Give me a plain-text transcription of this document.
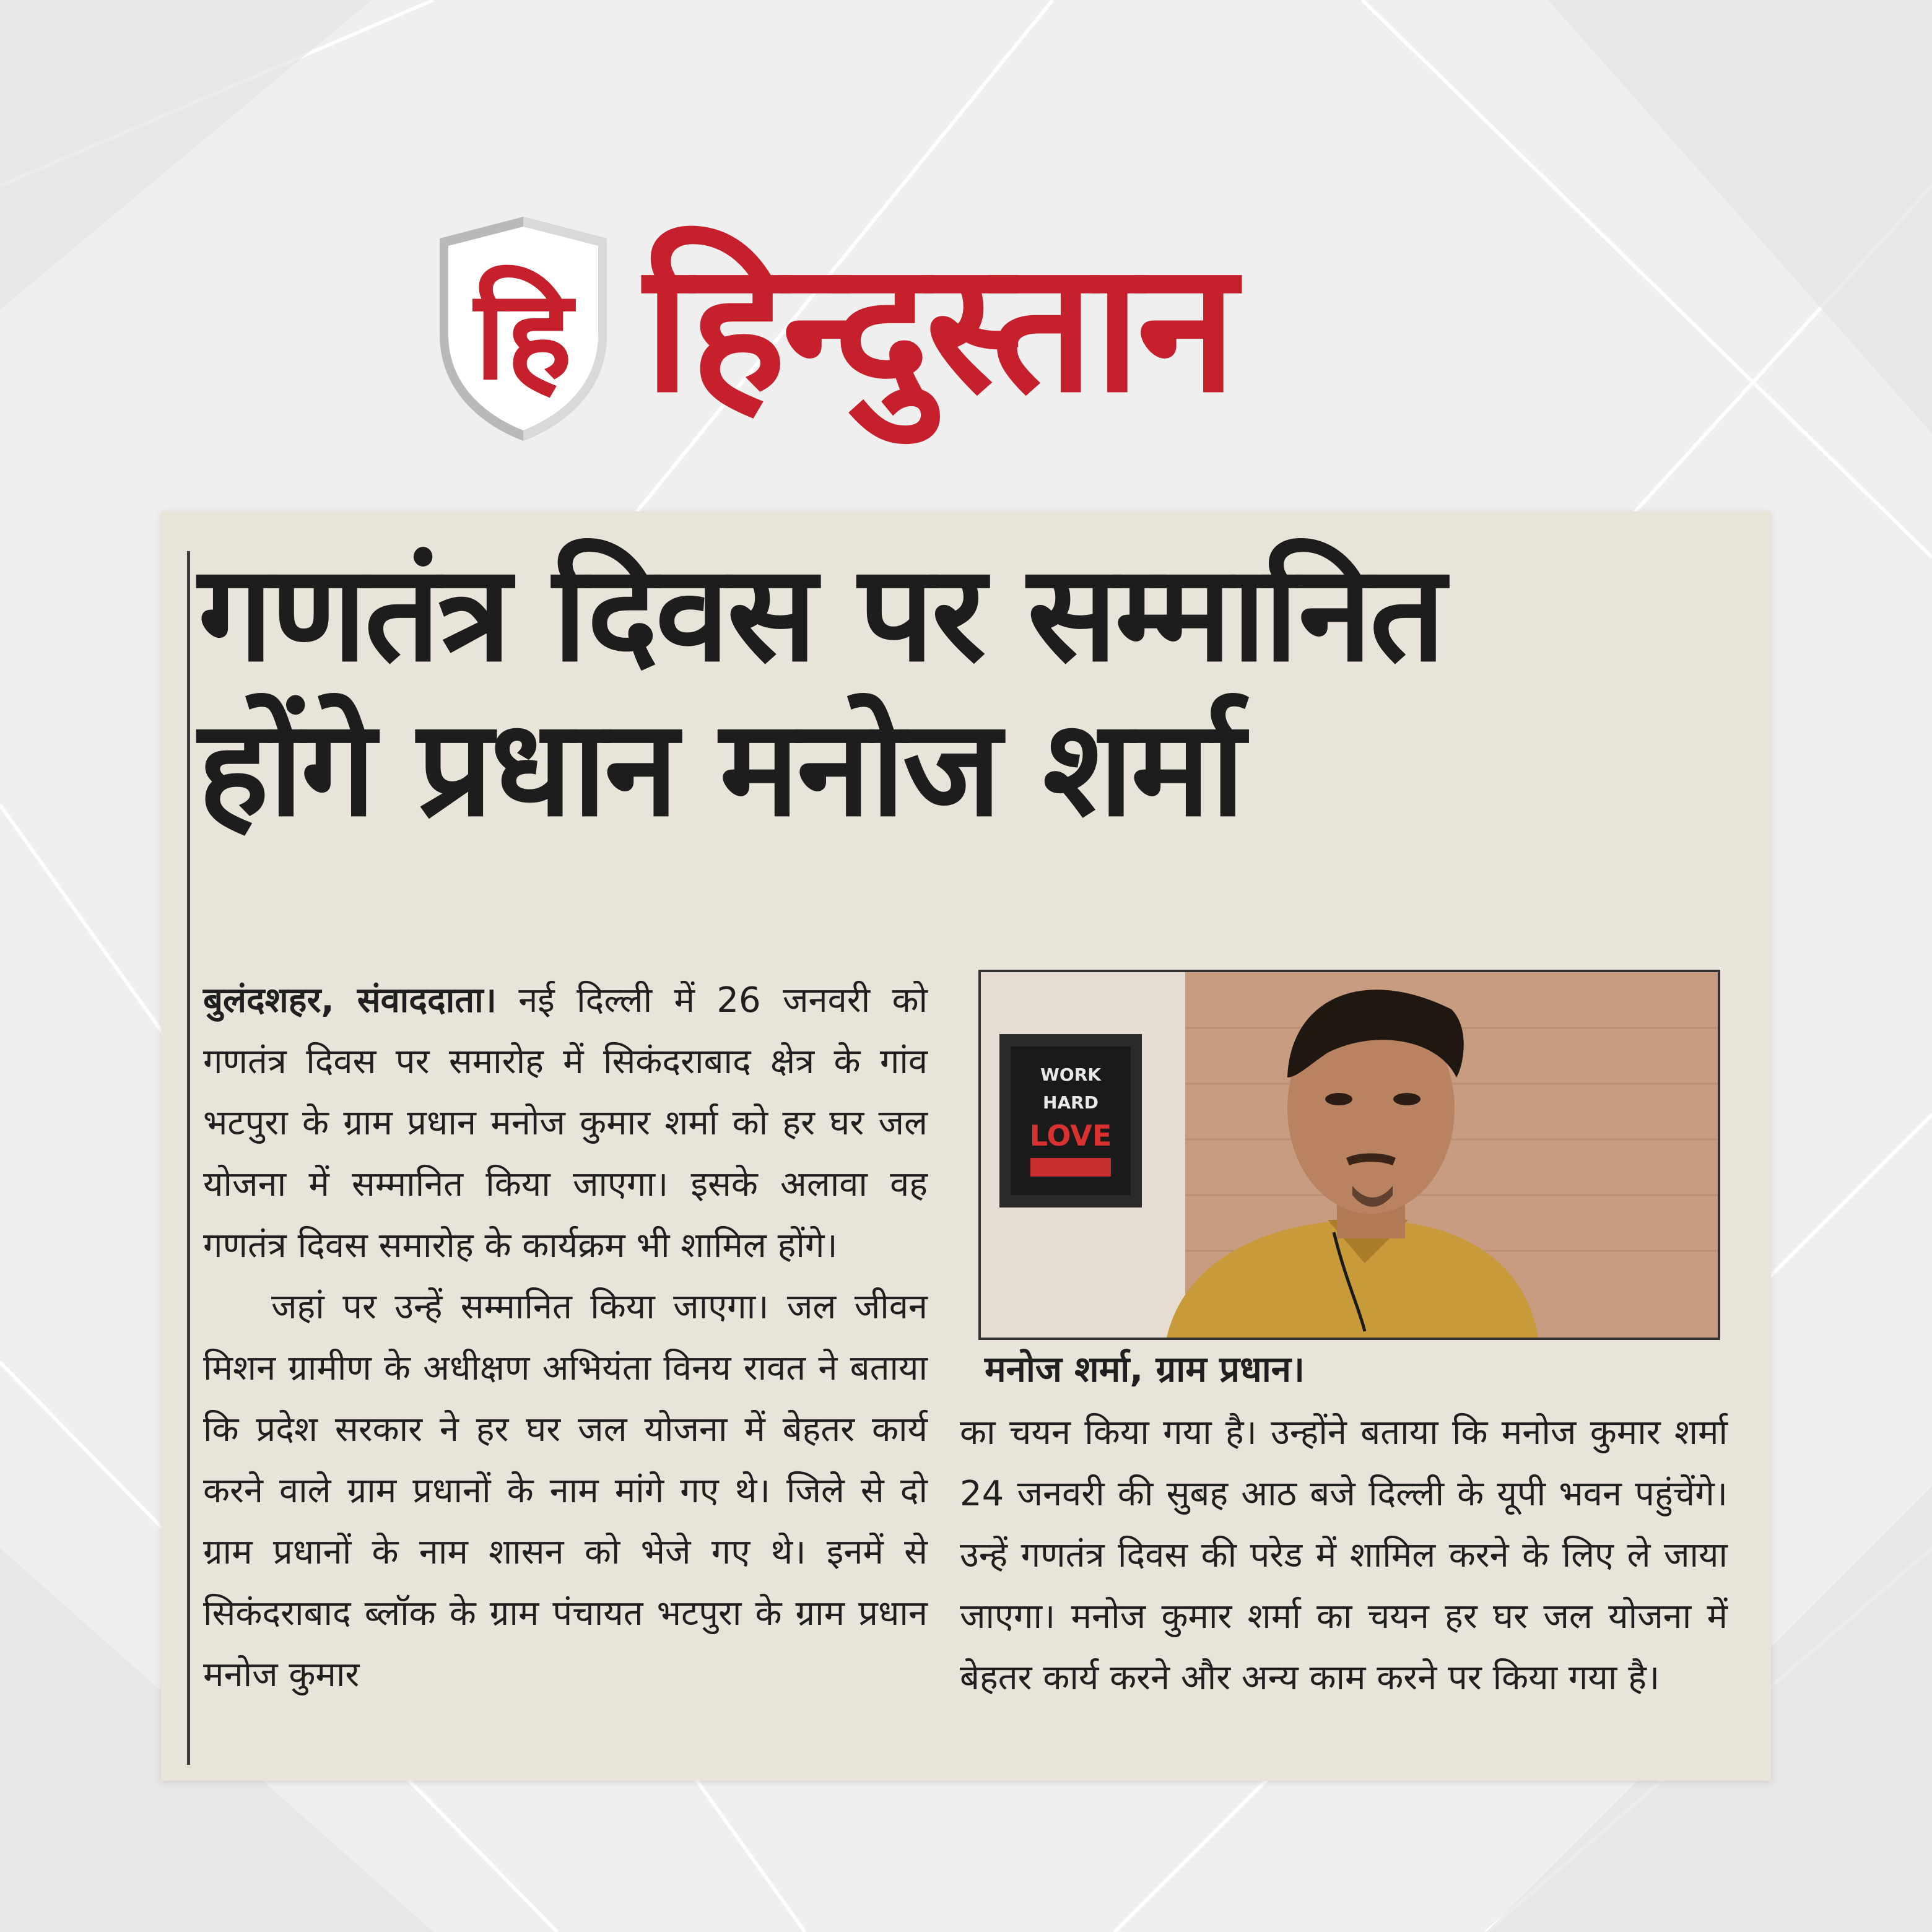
हि हिन्दुस्तान
गणतंत्र दिवस पर सम्मानित
होंगे प्रधान मनोज शर्मा

बुलंदशहर, संवाददाता। नई दिल्ली में 26 जनवरी को गणतंत्र दिवस पर समारोह में सिकंदराबाद क्षेत्र के गांव भटपुरा के ग्राम प्रधान मनोज कुमार शर्मा को हर घर जल योजना में सम्मानित किया जाएगा। इसके अलावा वह गणतंत्र दिवस समारोह के कार्यक्रम भी शामिल होंगे।

जहां पर उन्हें सम्मानित किया जाएगा। जल जीवन मिशन ग्रामीण के अधीक्षण अभियंता विनय रावत ने बताया कि प्रदेश सरकार ने हर घर जल योजना में बेहतर कार्य करने वाले ग्राम प्रधानों के नाम मांगे गए थे। जिले से दो ग्राम प्रधानों के नाम शासन को भेजे गए थे। इनमें से सिकंदराबाद ब्लॉक के ग्राम पंचायत भटपुरा के ग्राम प्रधान मनोज कुमार

WORK
HARD
LOVE
मनोज शर्मा, ग्राम प्रधान।

का चयन किया गया है। उन्होंने बताया कि मनोज कुमार शर्मा 24 जनवरी की सुबह आठ बजे दिल्ली के यूपी भवन पहुंचेंगे। उन्हें गणतंत्र दिवस की परेड में शामिल करने के लिए ले जाया जाएगा। मनोज कुमार शर्मा का चयन हर घर जल योजना में बेहतर कार्य करने और अन्य काम करने पर किया गया है।
